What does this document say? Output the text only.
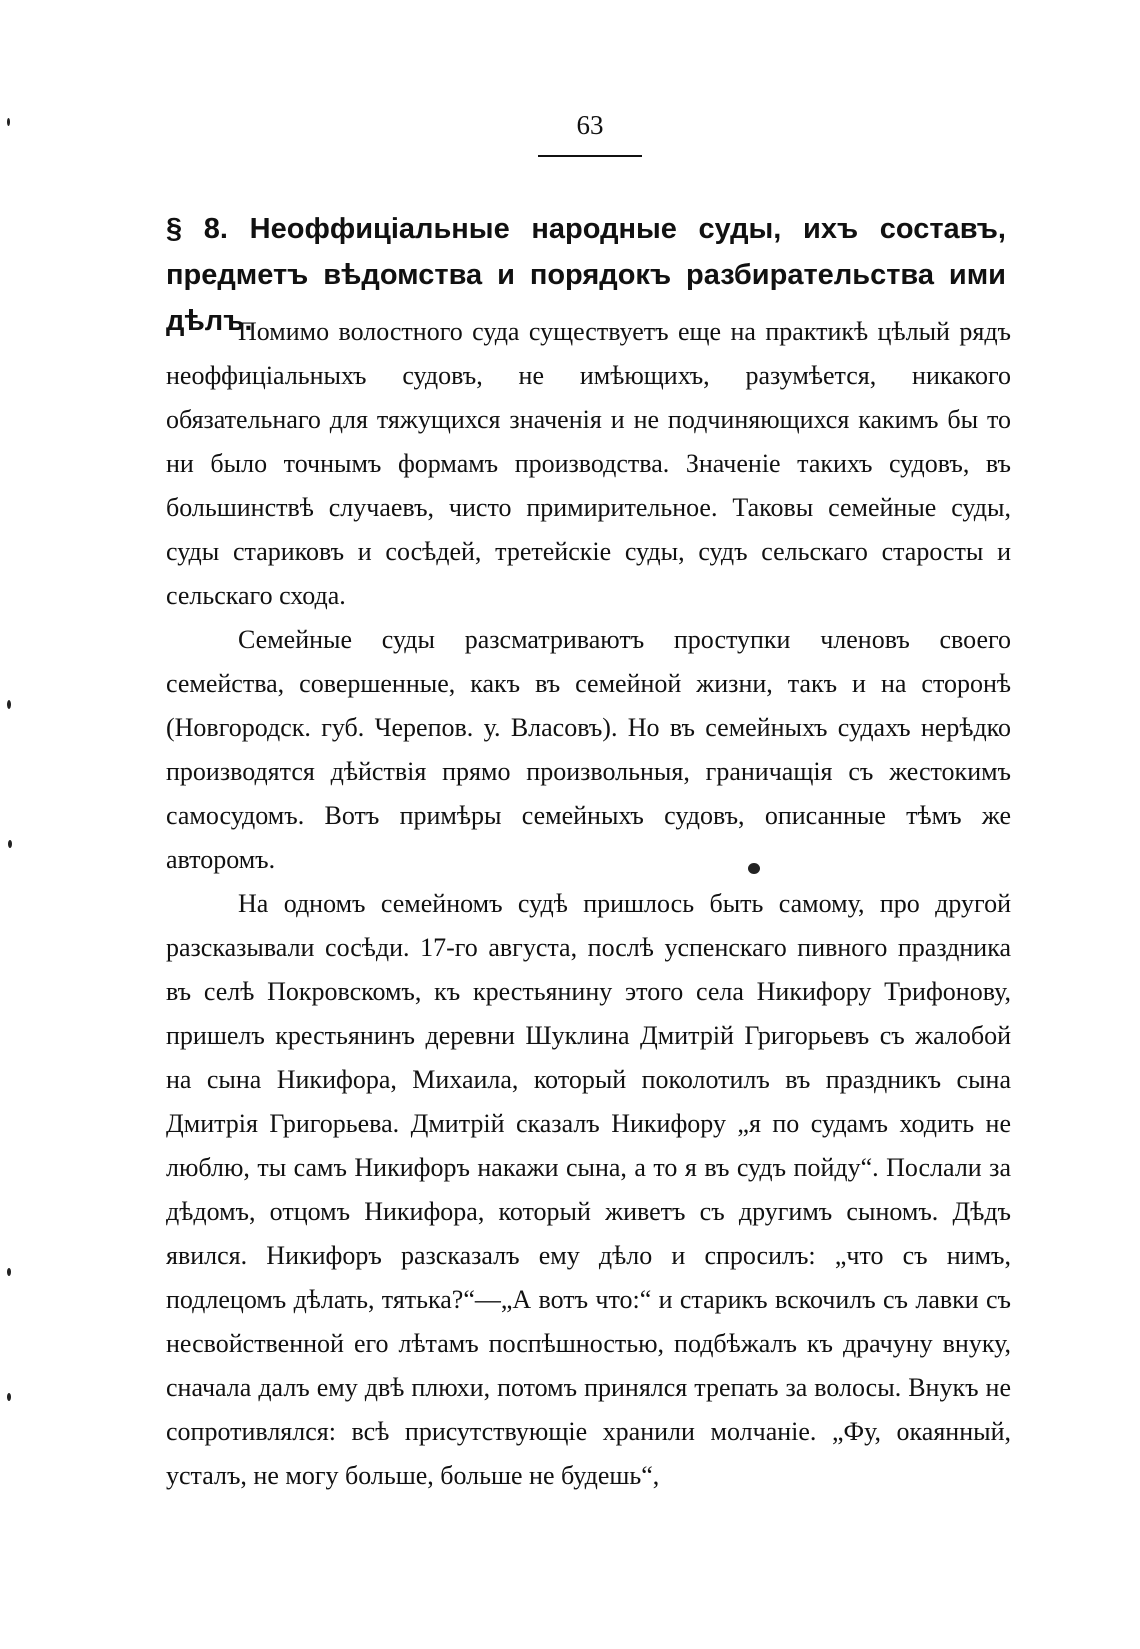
63
§ 8. Неоффиціальные народные суды, ихъ составъ, предметъ вѣдомства и порядокъ разбирательства ими дѣлъ.

Помимо волостного суда существуетъ еще на практикѣ цѣлый рядъ неоффиціальныхъ судовъ, не имѣющихъ, разумѣется, никакого обязательнаго для тяжущихся значенія и не подчиняющихся какимъ бы то ни было точнымъ формамъ производства. Значеніе такихъ судовъ, въ большинствѣ случаевъ, чисто примирительное. Таковы семейные суды, суды стариковъ и сосѣдей, третейскіе суды, судъ сельскаго старосты и сельскаго схода.

Семейные суды разсматриваютъ проступки членовъ своего семейства, совершенные, какъ въ семейной жизни, такъ и на сторонѣ (Новгородск. губ. Черепов. у. Власовъ). Но въ семейныхъ судахъ нерѣдко производятся дѣйствія прямо произвольныя, граничащія съ жестокимъ самосудомъ. Вотъ примѣры семейныхъ судовъ, описанные тѣмъ же авторомъ.

На одномъ семейномъ судѣ пришлось быть самому, про другой разсказывали сосѣди. 17-го августа, послѣ успенскаго пивного праздника въ селѣ Покровскомъ, къ крестьянину этого села Никифору Трифонову, пришелъ крестьянинъ деревни Шуклина Дмитрій Григорьевъ съ жалобой на сына Никифора, Михаила, который поколотилъ въ праздникъ сына Дмитрія Григорьева. Дмитрій сказалъ Никифору „я по судамъ ходить не люблю, ты самъ Никифоръ накажи сына, а то я въ судъ пойду“. Послали за дѣдомъ, отцомъ Никифора, который живетъ съ другимъ сыномъ. Дѣдъ явился. Никифоръ разсказалъ ему дѣло и спросилъ: „что съ нимъ, подлецомъ дѣлать, тятька?“—„А вотъ что:“ и старикъ вскочилъ съ лавки съ несвойственной его лѣтамъ поспѣшностью, подбѣжалъ къ драчуну внуку, сначала далъ ему двѣ плюхи, потомъ принялся трепать за волосы. Внукъ не сопротивлялся: всѣ присутствующіе хранили молчаніе. „Фу, окаянный, усталъ, не могу больше, больше не будешь“,
